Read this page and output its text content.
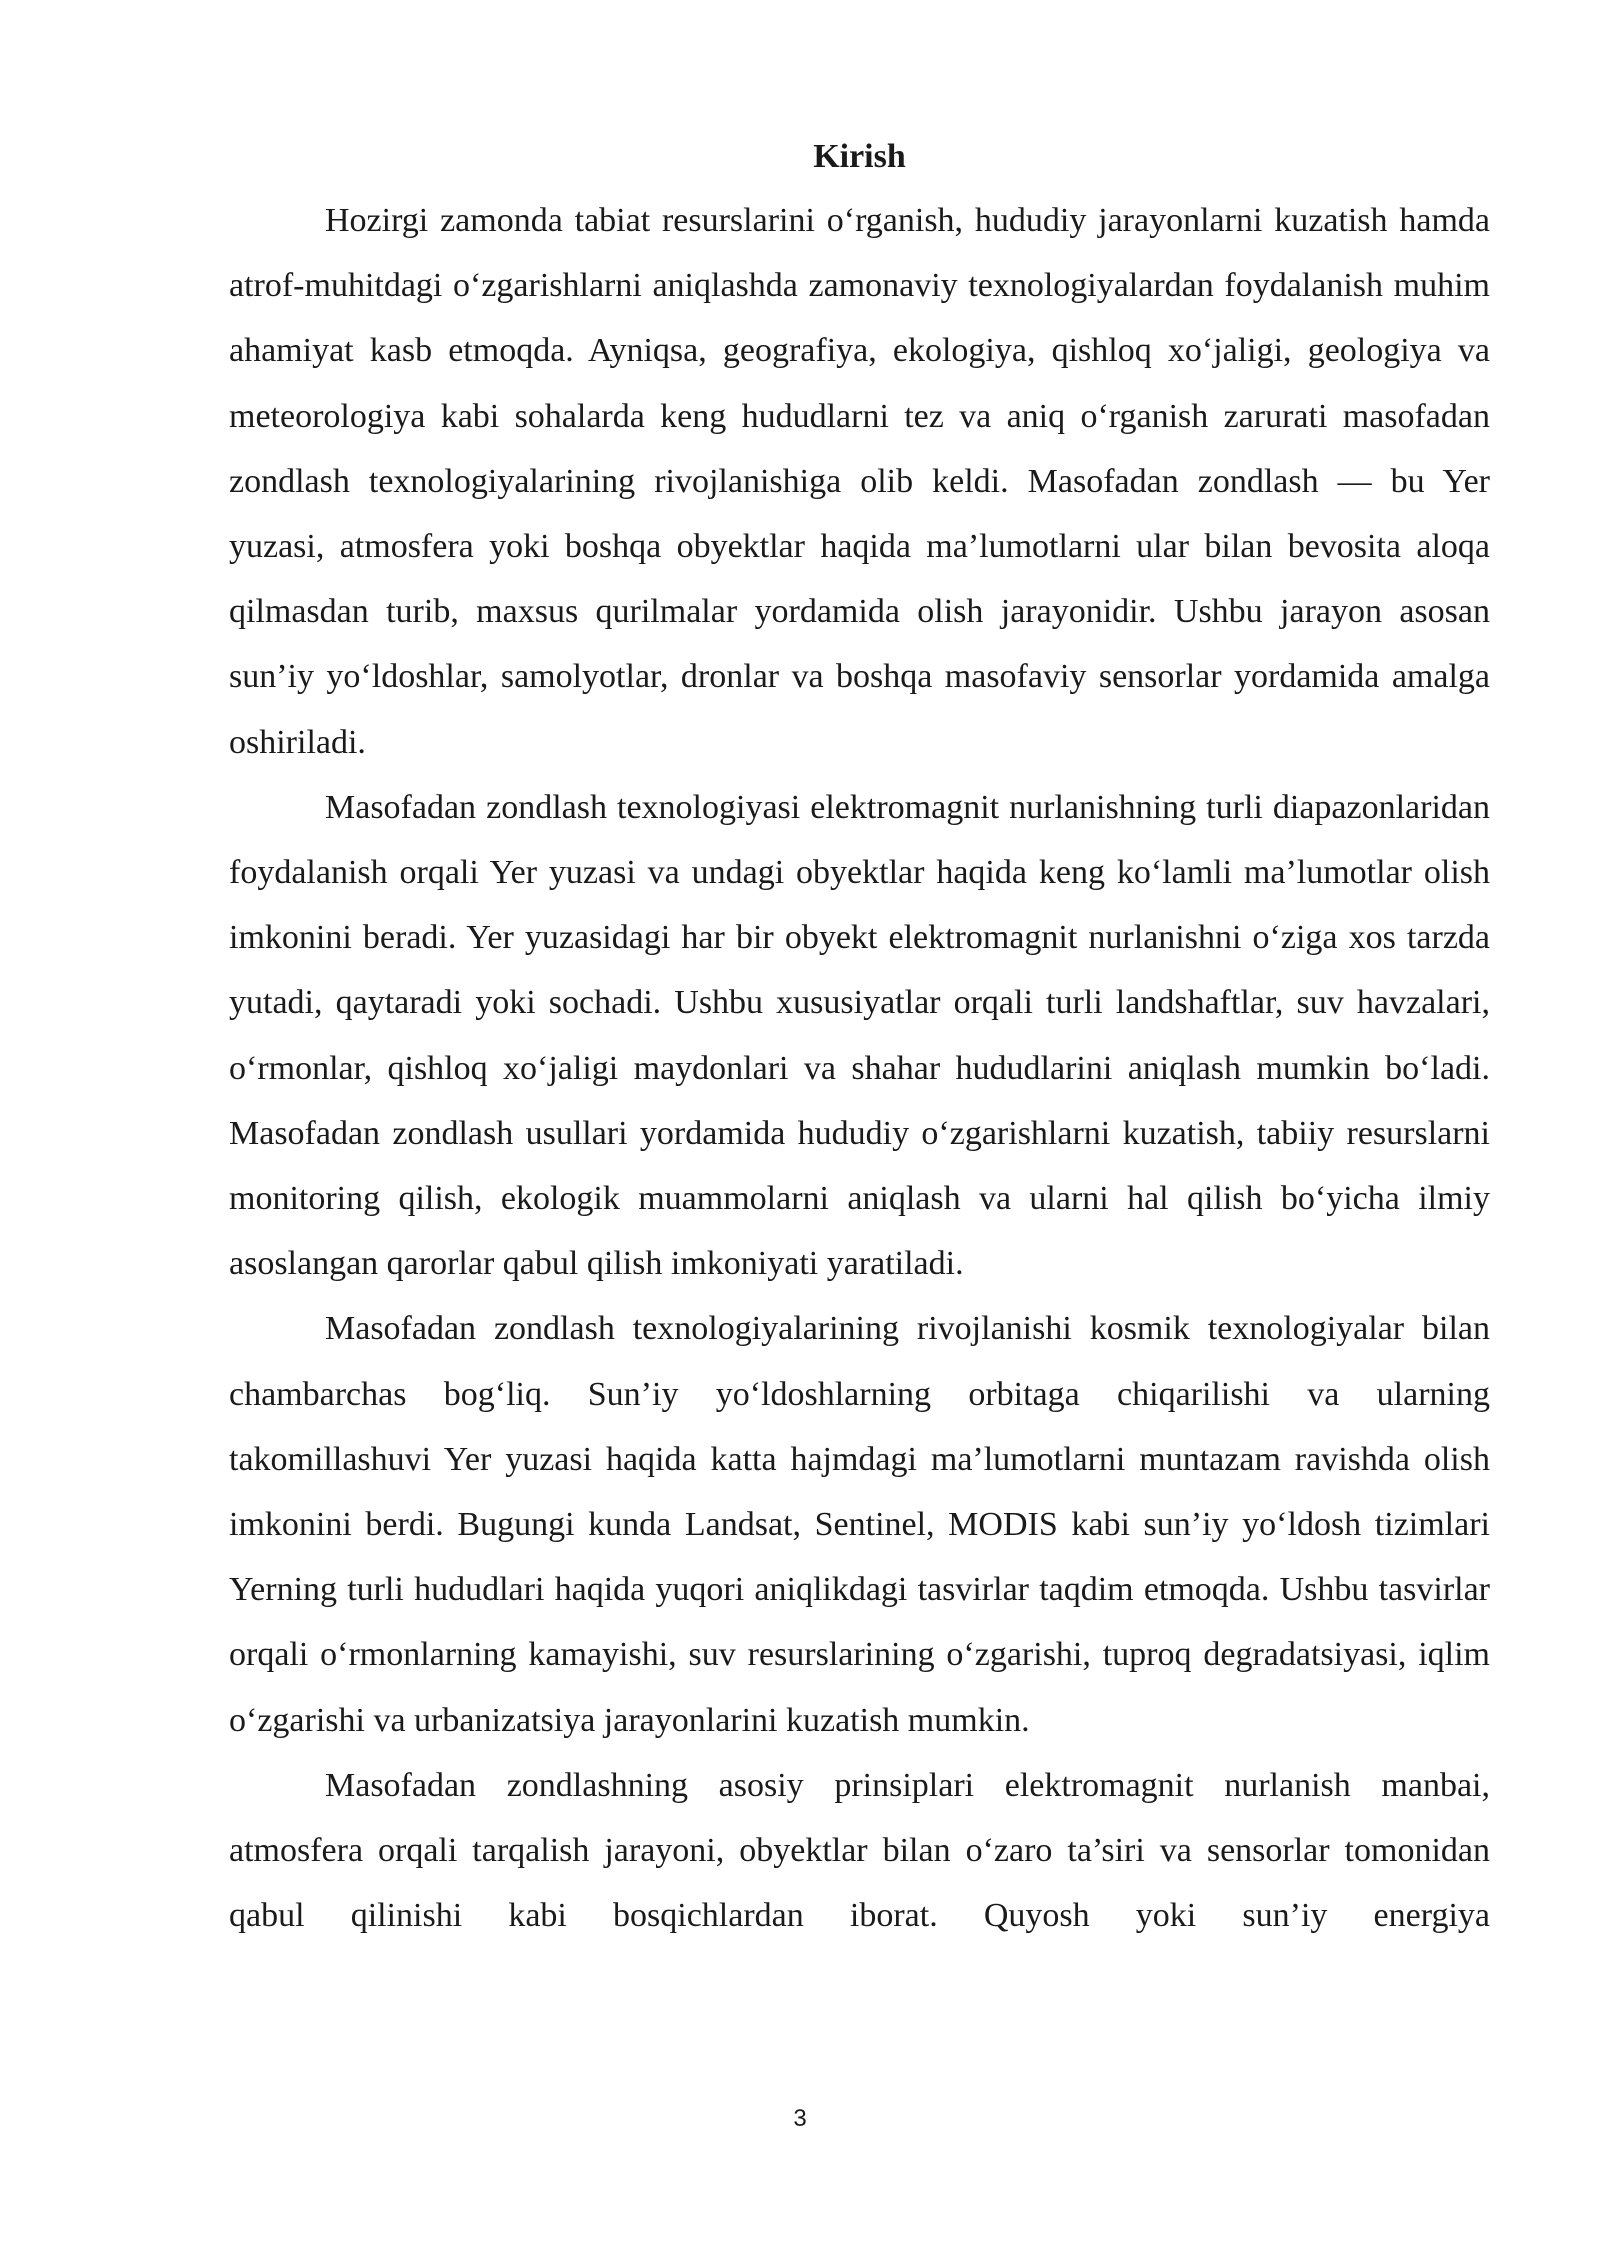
Kirish

Hozirgi zamonda tabiat resurslarini o‘rganish, hududiy jarayonlarni kuzatish hamda atrof-muhitdagi o‘zgarishlarni aniqlashda zamonaviy texnologiyalardan foydalanish muhim ahamiyat kasb etmoqda. Ayniqsa, geografiya, ekologiya, qishloq xo‘jaligi, geologiya va meteorologiya kabi sohalarda keng hududlarni tez va aniq o‘rganish zarurati masofadan zondlash texnologiyalarining rivojlanishiga olib keldi. Masofadan zondlash — bu Yer yuzasi, atmosfera yoki boshqa obyektlar haqida ma’lumotlarni ular bilan bevosita aloqa qilmasdan turib, maxsus qurilmalar yordamida olish jarayonidir. Ushbu jarayon asosan sun’iy yo‘ldoshlar, samolyotlar, dronlar va boshqa masofaviy sensorlar yordamida amalga oshiriladi.

Masofadan zondlash texnologiyasi elektromagnit nurlanishning turli diapazonlaridan foydalanish orqali Yer yuzasi va undagi obyektlar haqida keng ko‘lamli ma’lumotlar olish imkonini beradi. Yer yuzasidagi har bir obyekt elektromagnit nurlanishni o‘ziga xos tarzda yutadi, qaytaradi yoki sochadi. Ushbu xususiyatlar orqali turli landshaftlar, suv havzalari, o‘rmonlar, qishloq xo‘jaligi maydonlari va shahar hududlarini aniqlash mumkin bo‘ladi. Masofadan zondlash usullari yordamida hududiy o‘zgarishlarni kuzatish, tabiiy resurslarni monitoring qilish, ekologik muammolarni aniqlash va ularni hal qilish bo‘yicha ilmiy asoslangan qarorlar qabul qilish imkoniyati yaratiladi.

Masofadan zondlash texnologiyalarining rivojlanishi kosmik texnologiyalar bilan chambarchas bog‘liq. Sun’iy yo‘ldoshlarning orbitaga chiqarilishi va ularning takomillashuvi Yer yuzasi haqida katta hajmdagi ma’lumotlarni muntazam ravishda olish imkonini berdi. Bugungi kunda Landsat, Sentinel, MODIS kabi sun’iy yo‘ldosh tizimlari Yerning turli hududlari haqida yuqori aniqlikdagi tasvirlar taqdim etmoqda. Ushbu tasvirlar orqali o‘rmonlarning kamayishi, suv resurslarining o‘zgarishi, tuproq degradatsiyasi, iqlim o‘zgarishi va urbanizatsiya jarayonlarini kuzatish mumkin.

Masofadan zondlashning asosiy prinsiplari elektromagnit nurlanish manbai, atmosfera orqali tarqalish jarayoni, obyektlar bilan o‘zaro ta’siri va sensorlar tomonidan qabul qilinishi kabi bosqichlardan iborat. Quyosh yoki sun’iy energiya

3
